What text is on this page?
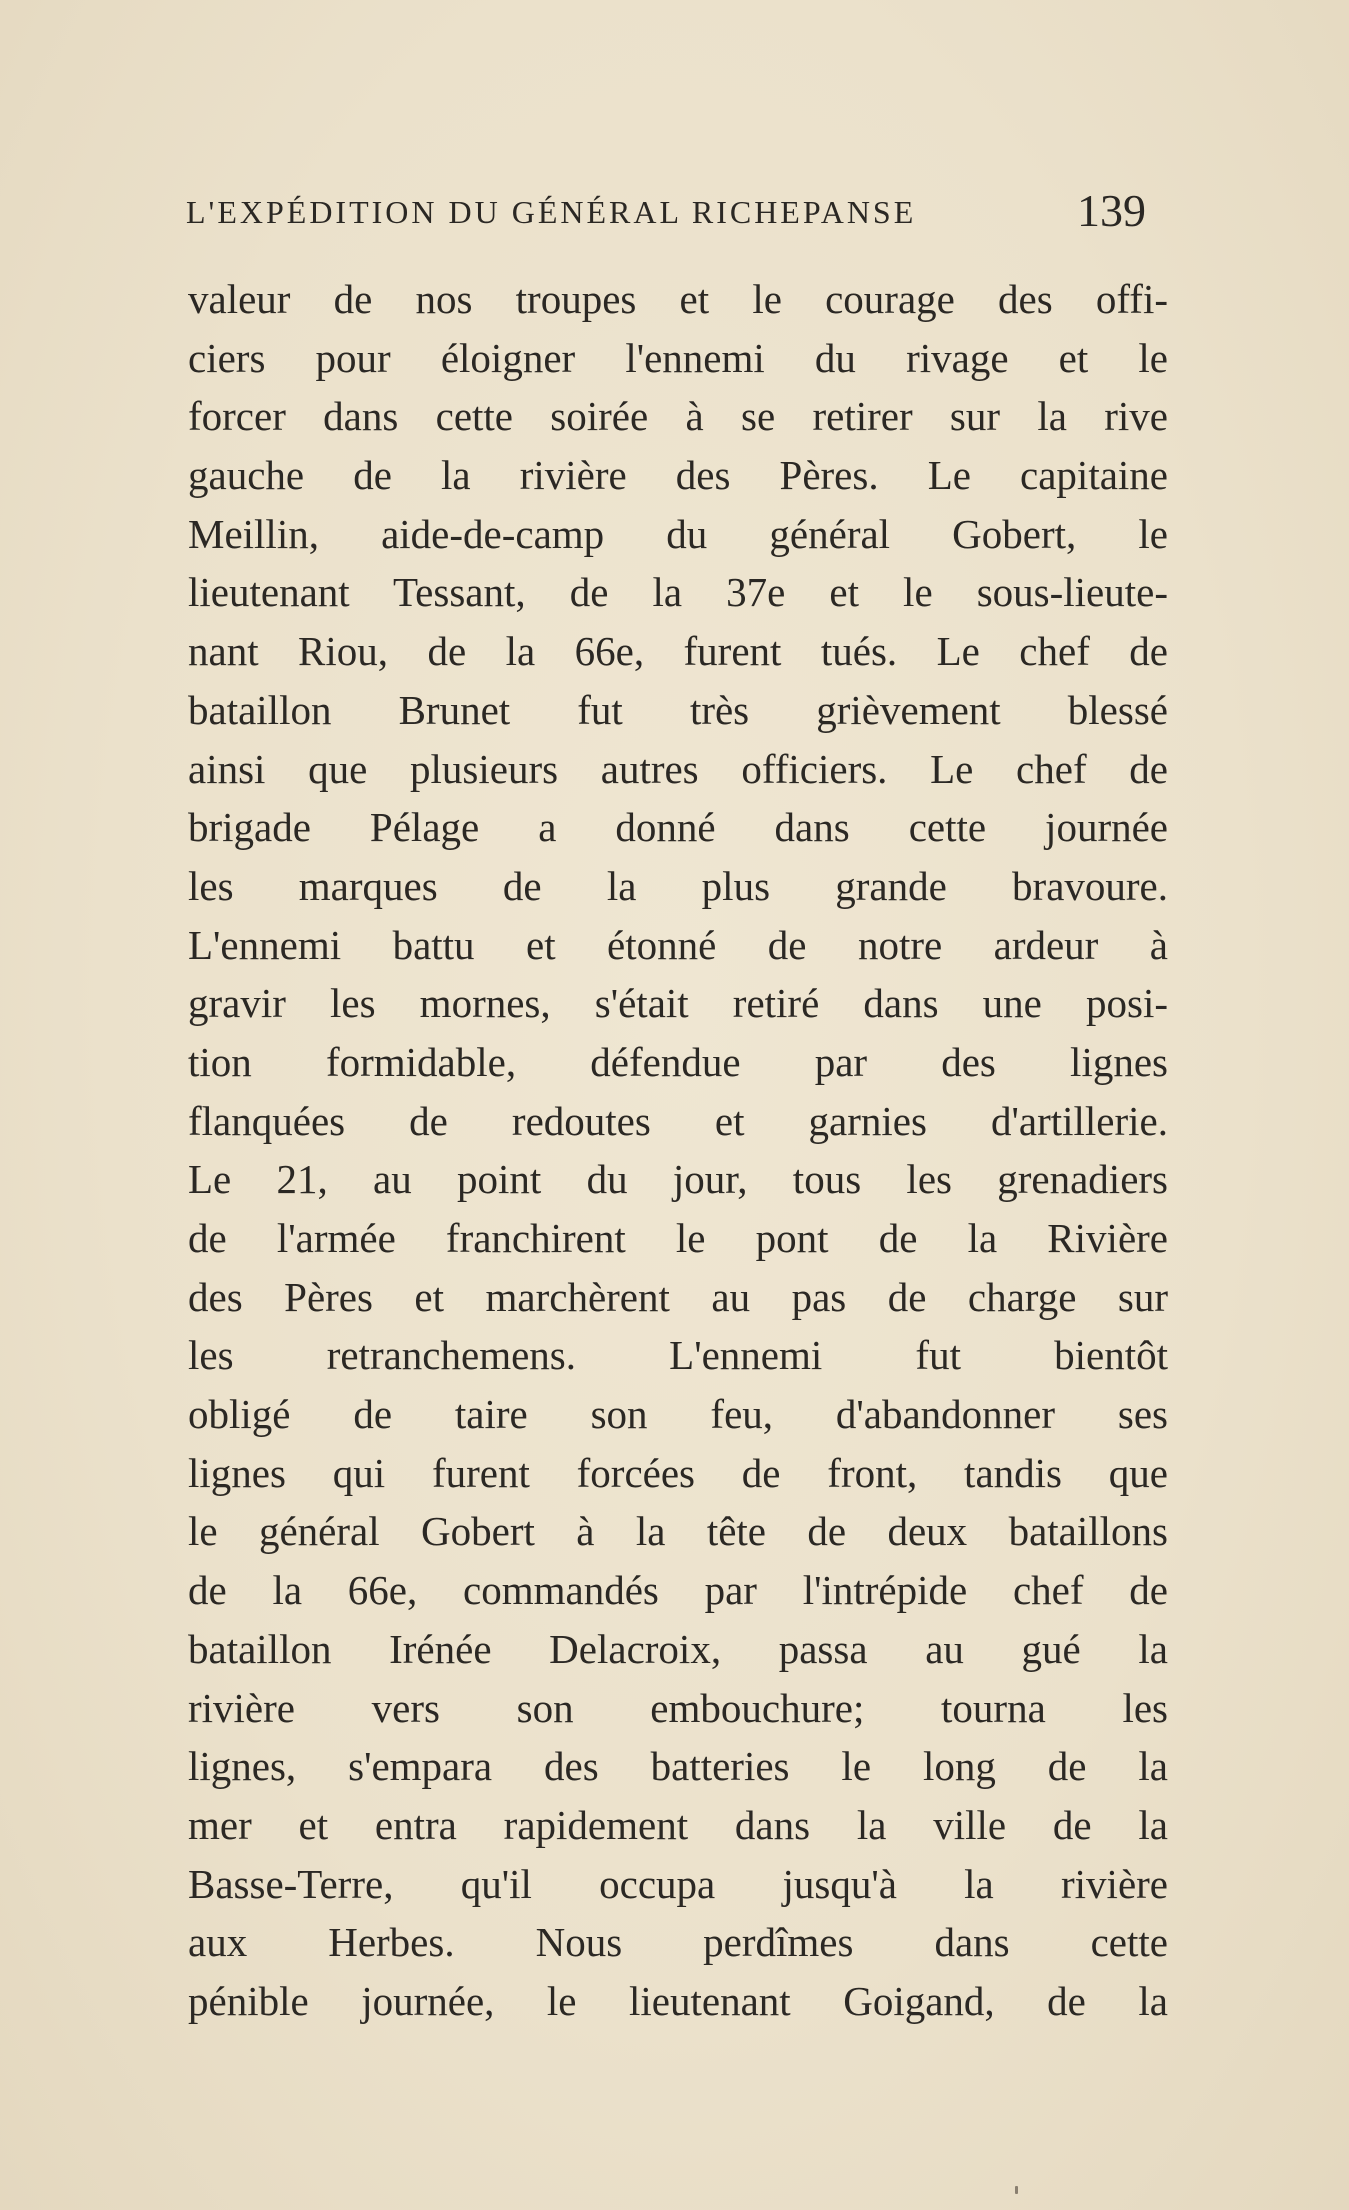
L'EXPÉDITION DU GÉNÉRAL RICHEPANSE	139
valeur de nos troupes et le courage des offi-
ciers pour éloigner l'ennemi du rivage et le
forcer dans cette soirée à se retirer sur la rive
gauche de la rivière des Pères. Le capitaine
Meillin, aide-de-camp du général Gobert, le
lieutenant Tessant, de la 37e et le sous-lieute-
nant Riou, de la 66e, furent tués. Le chef de
bataillon Brunet fut très grièvement blessé
ainsi que plusieurs autres officiers. Le chef de
brigade Pélage a donné dans cette journée
les marques de la plus grande bravoure.
L'ennemi battu et étonné de notre ardeur à
gravir les mornes, s'était retiré dans une posi-
tion formidable, défendue par des lignes
flanquées de redoutes et garnies d'artillerie.
Le 21, au point du jour, tous les grenadiers
de l'armée franchirent le pont de la Rivière
des Pères et marchèrent au pas de charge sur
les retranchemens. L'ennemi fut bientôt
obligé de taire son feu, d'abandonner ses
lignes qui furent forcées de front, tandis que
le général Gobert à la tête de deux bataillons
de la 66e, commandés par l'intrépide chef de
bataillon Irénée Delacroix, passa au gué la
rivière vers son embouchure; tourna les
lignes, s'empara des batteries le long de la
mer et entra rapidement dans la ville de la
Basse-Terre, qu'il occupa jusqu'à la rivière
aux Herbes. Nous perdîmes dans cette
pénible journée, le lieutenant Goigand, de la
